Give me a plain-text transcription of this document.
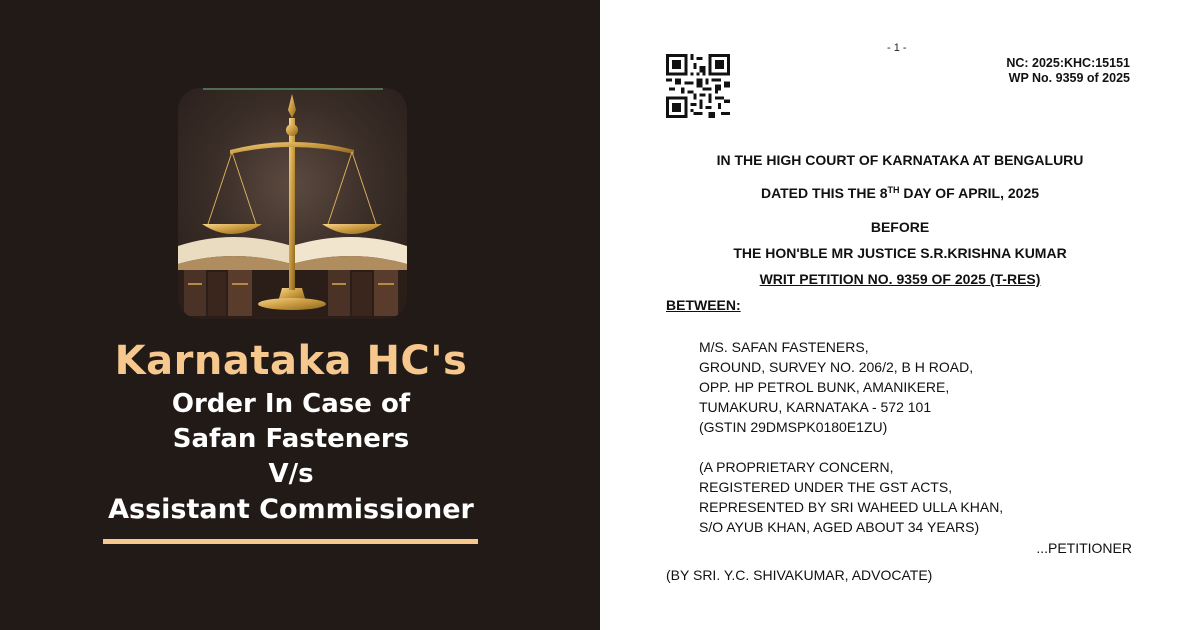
Karnataka HC's
Order In Case of
Safan Fasteners
V/s
Assistant Commissioner
- 1 -
NC: 2025:KHC:15151
WP No. 9359 of 2025
IN THE HIGH COURT OF KARNATAKA AT BENGALURU
DATED THIS THE 8TH DAY OF APRIL, 2025
BEFORE
THE HON'BLE MR JUSTICE S.R.KRISHNA KUMAR
WRIT PETITION NO. 9359 OF 2025 (T-RES)
BETWEEN:
M/S. SAFAN FASTENERS,
GROUND, SURVEY NO. 206/2, B H ROAD,
OPP. HP PETROL BUNK, AMANIKERE,
TUMAKURU, KARNATAKA - 572 101
(GSTIN 29DMSPK0180E1ZU)
(A PROPRIETARY CONCERN,
REGISTERED UNDER THE GST ACTS,
REPRESENTED BY SRI WAHEED ULLA KHAN,
S/O AYUB KHAN, AGED ABOUT 34 YEARS)
...PETITIONER
(BY SRI. Y.C. SHIVAKUMAR, ADVOCATE)
